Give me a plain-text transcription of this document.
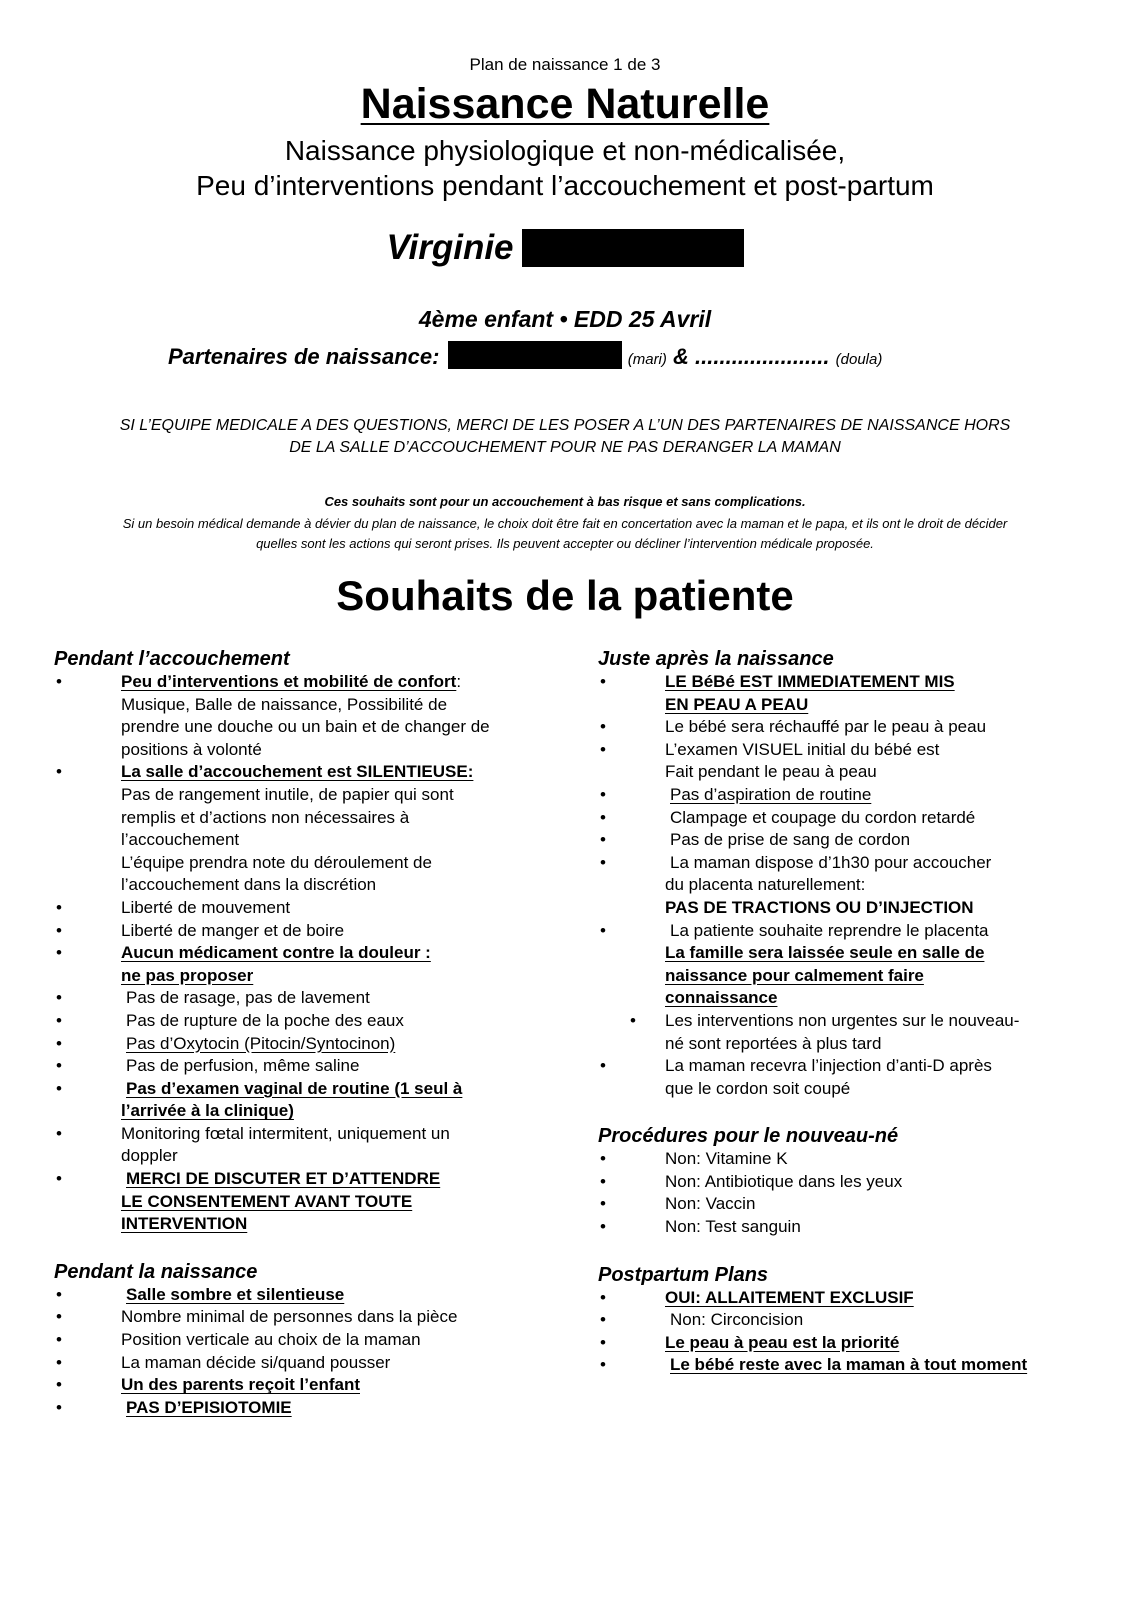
Plan de naissance 1 de 3
Naissance Naturelle
Naissance physiologique et non-médicalisée,
Peu d’interventions pendant l’accouchement et post-partum
Virginie
4ème enfant • EDD 25 Avril
Partenaires de naissance:	(mari) & ...................... (doula)
SI L’EQUIPE MEDICALE A DES QUESTIONS, MERCI DE LES POSER A L’UN DES PARTENAIRES DE NAISSANCE HORS
DE LA SALLE D’ACCOUCHEMENT POUR NE PAS DERANGER LA MAMAN
Ces souhaits sont pour un accouchement à bas risque et sans complications.
Si un besoin médical demande à dévier du plan de naissance, le choix doit être fait en concertation avec la maman et le papa, et ils ont le droit de décider
quelles sont les actions qui seront prises. Ils peuvent accepter ou décliner l’intervention médicale proposée.
Souhaits de la patiente

Pendant l’accouchement

•	Peu d’interventions et mobilité de confort:
Musique, Balle de naissance, Possibilité de
prendre une douche ou un bain et de changer de
positions à volonté
•	La salle d’accouchement est SILENTIEUSE:
Pas de rangement inutile, de papier qui sont
remplis et d’actions non nécessaires à
l’accouchement
L’équipe prendra note du déroulement de
l’accouchement dans la discrétion
•	Liberté de mouvement
•	Liberté de manger et de boire
•	Aucun médicament contre la douleur :
ne pas proposer
•	Pas de rasage, pas de lavement
•	Pas de rupture de la poche des eaux
•	Pas d’Oxytocin (Pitocin/Syntocinon)
•	Pas de perfusion, même saline
•	Pas d’examen vaginal de routine (1 seul à
l’arrivée à la clinique)
•	Monitoring fœtal intermitent, uniquement un
doppler
•	MERCI DE DISCUTER ET D’ATTENDRE
LE CONSENTEMENT AVANT TOUTE
INTERVENTION

Pendant la naissance

•	Salle sombre et silentieuse
•	Nombre minimal de personnes dans la pièce
•	Position verticale au choix de la maman
•	La maman décide si/quand pousser
•	Un des parents reçoit l’enfant
•	PAS D’EPISIOTOMIE

Juste après la naissance

•	LE BéBé EST IMMEDIATEMENT MIS
EN PEAU A PEAU
•	Le bébé sera réchauffé par le peau à peau
•	L’examen VISUEL initial du bébé est
Fait pendant le peau à peau
•	Pas d’aspiration de routine
•	Clampage et coupage du cordon retardé
•	Pas de prise de sang de cordon
•	La maman dispose d’1h30 pour accoucher
du placenta naturellement:
PAS DE TRACTIONS OU D’INJECTION
•	La patiente souhaite reprendre le placenta
La famille sera laissée seule en salle de
naissance pour calmement faire
connaissance
•	Les interventions non urgentes sur le nouveau-
né sont reportées à plus tard
•	La maman recevra l’injection d’anti-D après
que le cordon soit coupé

Procédures pour le nouveau-né

•	Non: Vitamine K
•	Non: Antibiotique dans les yeux
•	Non: Vaccin
•	Non: Test sanguin

Postpartum Plans

•	OUI: ALLAITEMENT EXCLUSIF
•	Non: Circoncision
•	Le peau à peau est la priorité
•	Le bébé reste avec la maman à tout moment
